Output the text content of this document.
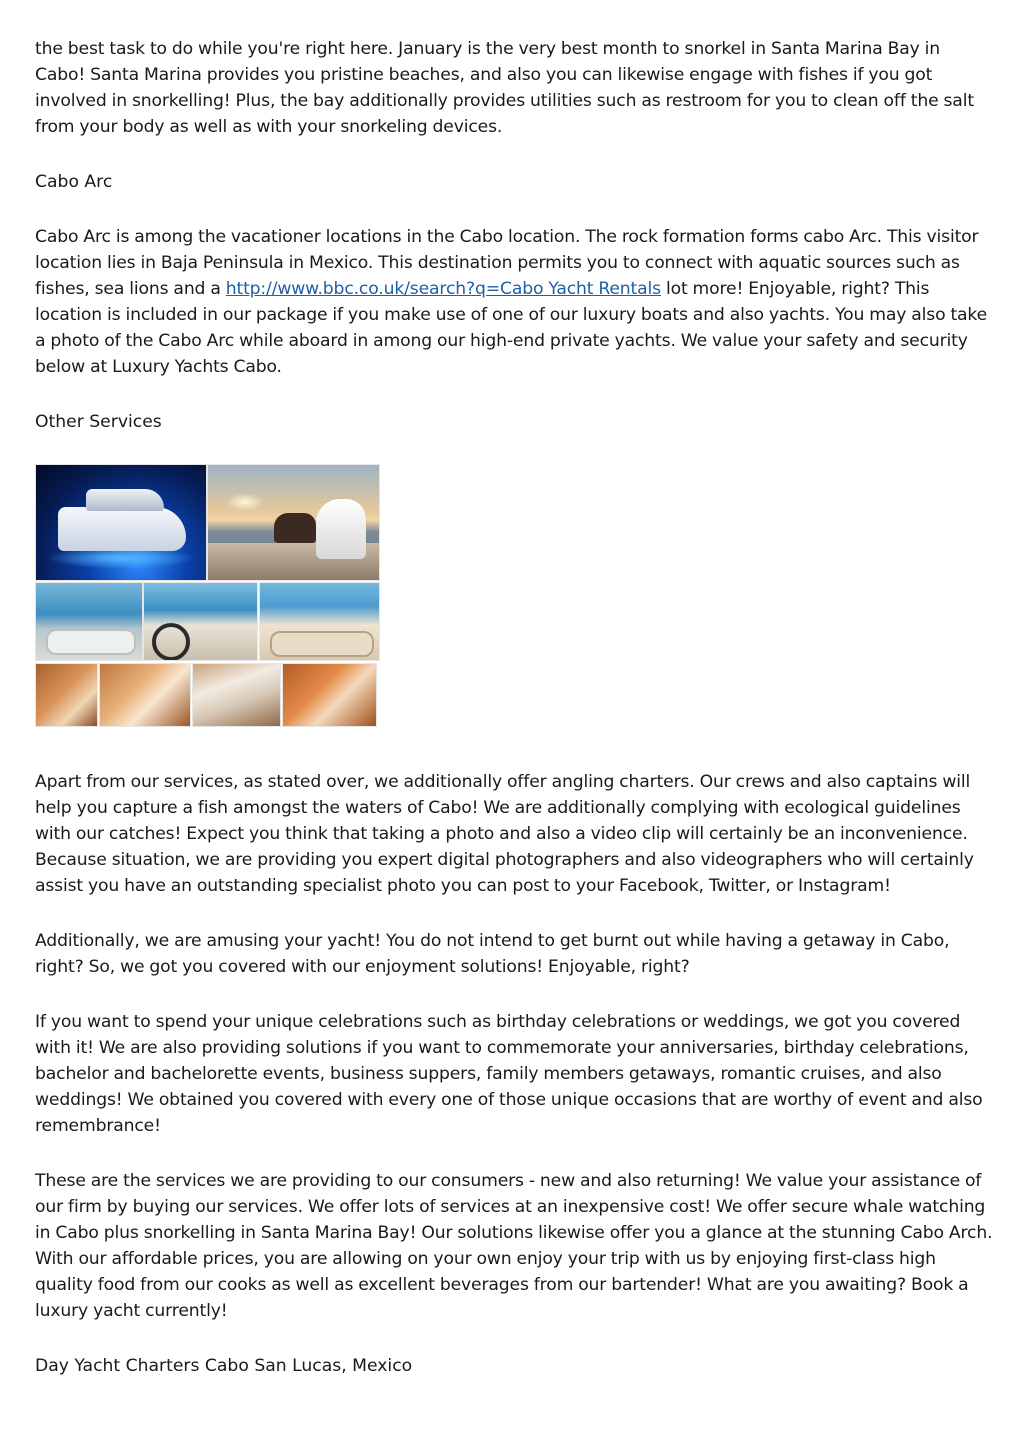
the best task to do while you're right here. January is the very best month to snorkel in Santa Marina Bay in Cabo! Santa Marina provides you pristine beaches, and also you can likewise engage with fishes if you got involved in snorkelling! Plus, the bay additionally provides utilities such as restroom for you to clean off the salt from your body as well as with your snorkeling devices.

Cabo Arc

Cabo Arc is among the vacationer locations in the Cabo location. The rock formation forms cabo Arc. This visitor location lies in Baja Peninsula in Mexico. This destination permits you to connect with aquatic sources such as fishes, sea lions and a http://www.bbc.co.uk/search?q=Cabo Yacht Rentals lot more! Enjoyable, right? This location is included in our package if you make use of one of our luxury boats and also yachts. You may also take a photo of the Cabo Arc while aboard in among our high-end private yachts. We value your safety and security below at Luxury Yachts Cabo.

Other Services

Apart from our services, as stated over, we additionally offer angling charters. Our crews and also captains will help you capture a fish amongst the waters of Cabo! We are additionally complying with ecological guidelines with our catches! Expect you think that taking a photo and also a video clip will certainly be an inconvenience. Because situation, we are providing you expert digital photographers and also videographers who will certainly assist you have an outstanding specialist photo you can post to your Facebook, Twitter, or Instagram!

Additionally, we are amusing your yacht! You do not intend to get burnt out while having a getaway in Cabo, right? So, we got you covered with our enjoyment solutions! Enjoyable, right?

If you want to spend your unique celebrations such as birthday celebrations or weddings, we got you covered with it! We are also providing solutions if you want to commemorate your anniversaries, birthday celebrations, bachelor and bachelorette events, business suppers, family members getaways, romantic cruises, and also weddings! We obtained you covered with every one of those unique occasions that are worthy of event and also remembrance!

These are the services we are providing to our consumers - new and also returning! We value your assistance of our firm by buying our services. We offer lots of services at an inexpensive cost! We offer secure whale watching in Cabo plus snorkelling in Santa Marina Bay! Our solutions likewise offer you a glance at the stunning Cabo Arch. With our affordable prices, you are allowing on your own enjoy your trip with us by enjoying first-class high quality food from our cooks as well as excellent beverages from our bartender! What are you awaiting? Book a luxury yacht currently!

Day Yacht Charters Cabo San Lucas, Mexico
